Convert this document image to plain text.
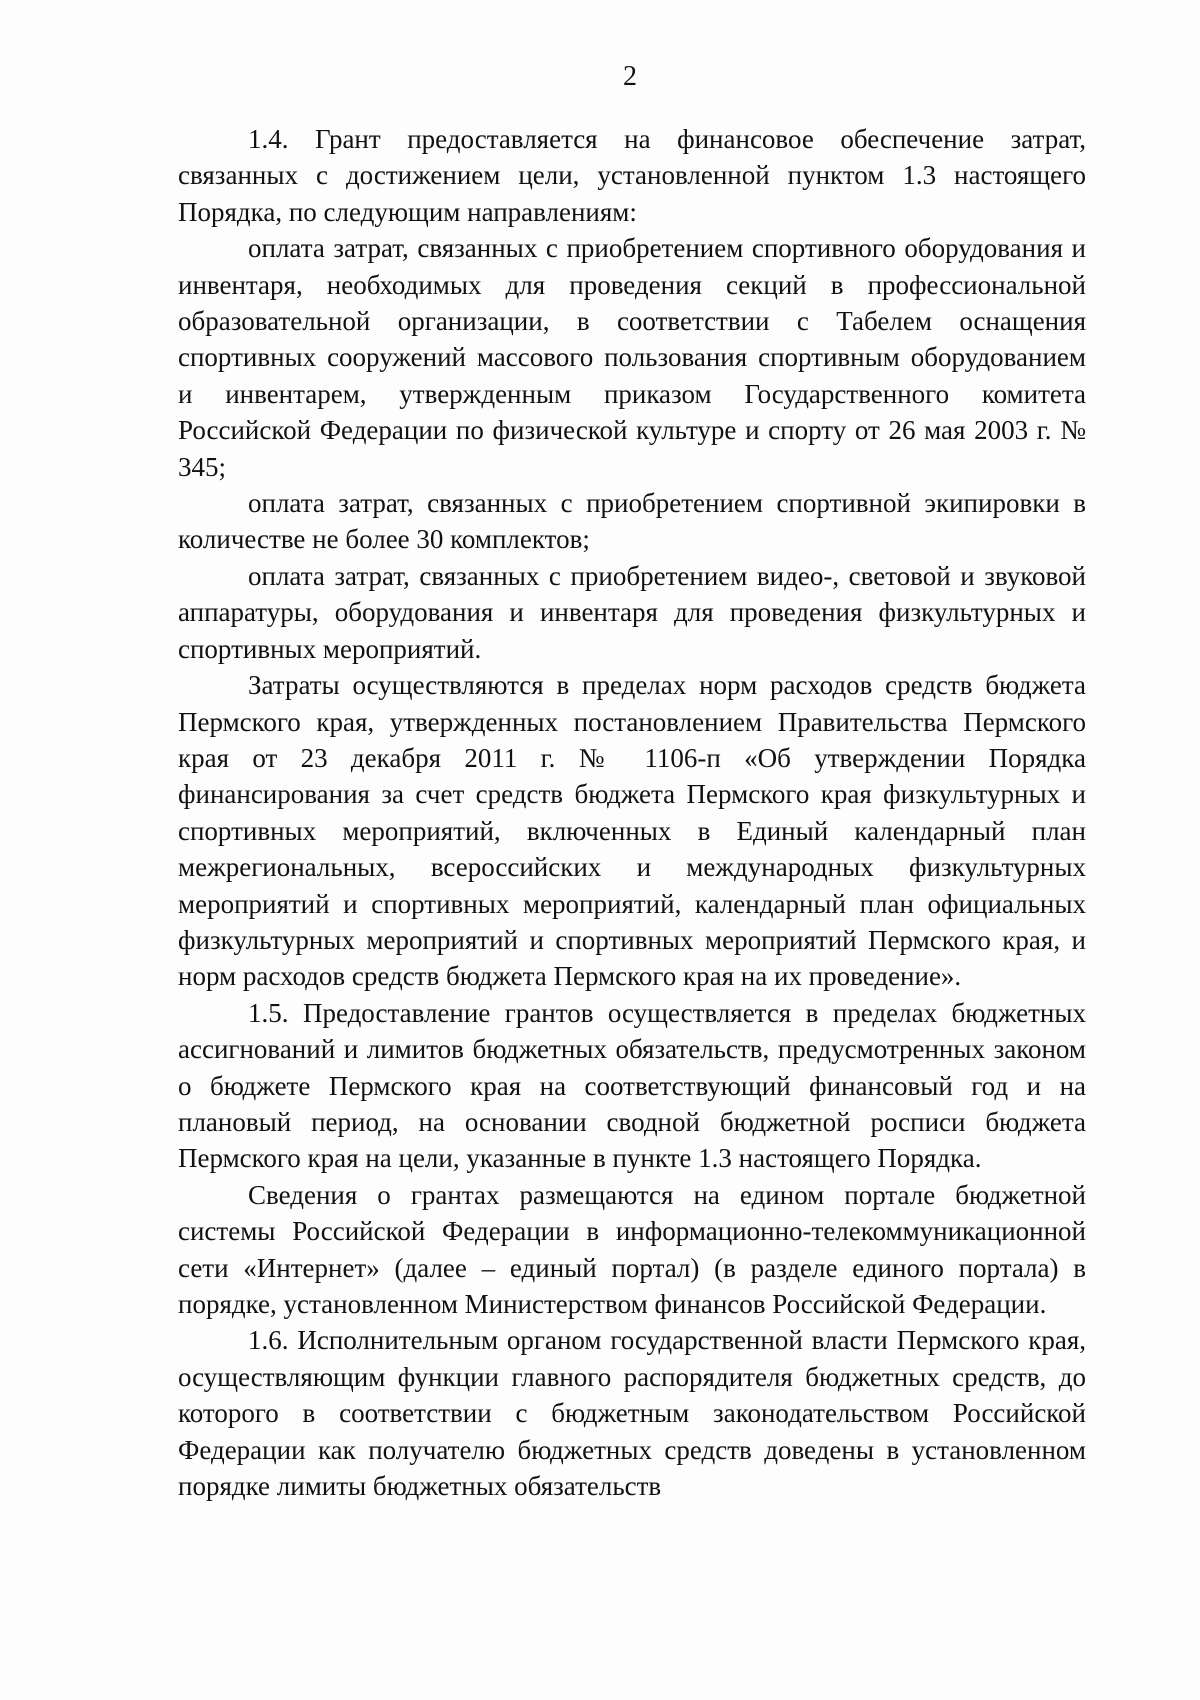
2

1.4. Грант предоставляется на финансовое обеспечение затрат, связанных с достижением цели, установленной пунктом 1.3 настоящего Порядка, по следующим направлениям:

оплата затрат, связанных с приобретением спортивного оборудования и инвентаря, необходимых для проведения секций в профессиональной образовательной организации, в соответствии с Табелем оснащения спортивных сооружений массового пользования спортивным оборудованием и инвентарем, утвержденным приказом Государственного комитета Российской Федерации по физической культуре и спорту от 26 мая 2003 г. № 345;

оплата затрат, связанных с приобретением спортивной экипировки в количестве не более 30 комплектов;

оплата затрат, связанных с приобретением видео-, световой и звуковой аппаратуры, оборудования и инвентаря для проведения физкультурных и спортивных мероприятий.

Затраты осуществляются в пределах норм расходов средств бюджета Пермского края, утвержденных постановлением Правительства Пермского края от 23 декабря 2011 г. № 1106-п «Об утверждении Порядка финансирования за счет средств бюджета Пермского края физкультурных и спортивных мероприятий, включенных в Единый календарный план межрегиональных, всероссийских и международных физкультурных мероприятий и спортивных мероприятий, календарный план официальных физкультурных мероприятий и спортивных мероприятий Пермского края, и норм расходов средств бюджета Пермского края на их проведение».

1.5. Предоставление грантов осуществляется в пределах бюджетных ассигнований и лимитов бюджетных обязательств, предусмотренных законом о бюджете Пермского края на соответствующий финансовый год и на плановый период, на основании сводной бюджетной росписи бюджета Пермского края на цели, указанные в пункте 1.3 настоящего Порядка.

Сведения о грантах размещаются на едином портале бюджетной системы Российской Федерации в информационно-телекоммуникационной сети «Интернет» (далее – единый портал) (в разделе единого портала) в порядке, установленном Министерством финансов Российской Федерации.

1.6. Исполнительным органом государственной власти Пермского края, осуществляющим функции главного распорядителя бюджетных средств, до которого в соответствии с бюджетным законодательством Российской Федерации как получателю бюджетных средств доведены в установленном порядке лимиты бюджетных обязательств
